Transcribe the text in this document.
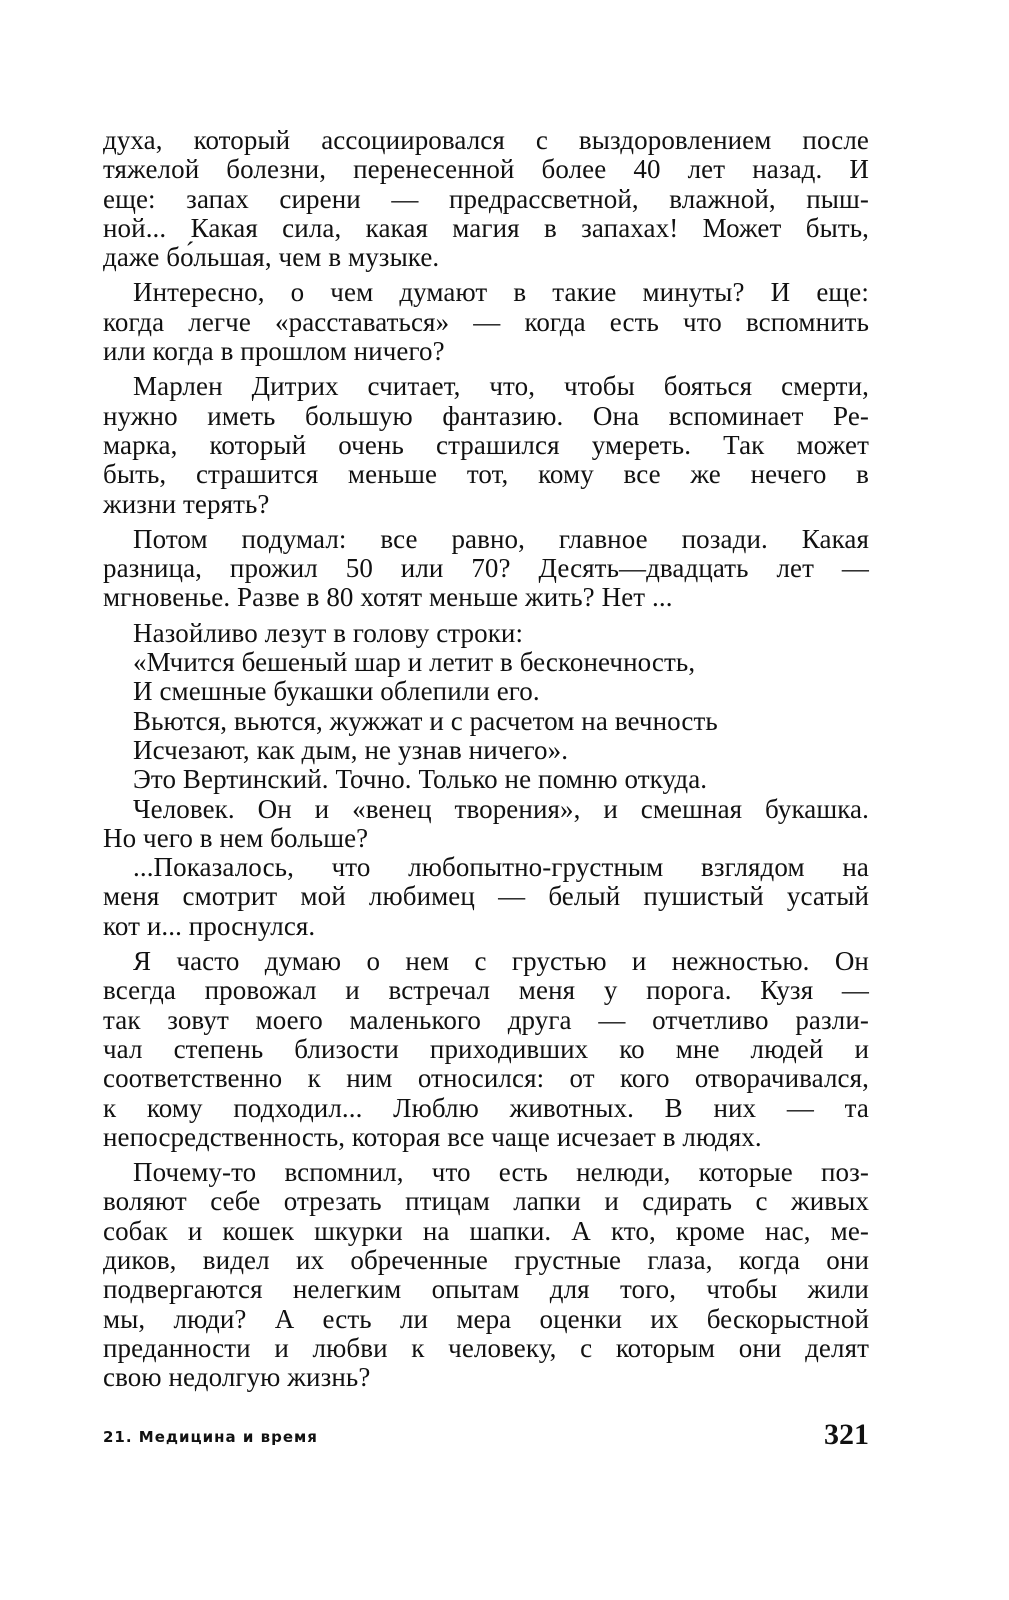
духа, который ассоциировался с выздоровлением после
тяжелой болезни, перенесенной более 40 лет назад. И
еще: запах сирени — предрассветной, влажной, пыш-
ной... Какая сила, какая магия в запахах! Может быть,
даже бо́льшая, чем в музыке.
Интересно, о чем думают в такие минуты? И еще:
когда легче «расставаться» — когда есть что вспомнить
или когда в прошлом ничего?
Марлен Дитрих считает, что, чтобы бояться смерти,
нужно иметь большую фантазию. Она вспоминает Ре-
марка, который очень страшился умереть. Так может
быть, страшится меньше тот, кому все же нечего в
жизни терять?
Потом подумал: все равно, главное позади. Какая
разница, прожил 50 или 70? Десять—двадцать лет —
мгновенье. Разве в 80 хотят меньше жить? Нет ...
Назойливо лезут в голову строки:
«Мчится бешеный шар и летит в бесконечность,
И смешные букашки облепили его.
Вьются, вьются, жужжат и с расчетом на вечность
Исчезают, как дым, не узнав ничего».
Это Вертинский. Точно. Только не помню откуда.
Человек. Он и «венец творения», и смешная букашка.
Но чего в нем больше?
...Показалось, что любопытно-грустным взглядом на
меня смотрит мой любимец — белый пушистый усатый
кот и... проснулся.
Я часто думаю о нем с грустью и нежностью. Он
всегда провожал и встречал меня у порога. Кузя —
так зовут моего маленького друга — отчетливо разли-
чал степень близости приходивших ко мне людей и
соответственно к ним относился: от кого отворачивался,
к кому подходил... Люблю животных. В них — та
непосредственность, которая все чаще исчезает в людях.
Почему-то вспомнил, что есть нелюди, которые поз-
воляют себе отрезать птицам лапки и сдирать с живых
собак и кошек шкурки на шапки. А кто, кроме нас, ме-
диков, видел их обреченные грустные глаза, когда они
подвергаются нелегким опытам для того, чтобы жили
мы, люди? А есть ли мера оценки их бескорыстной
преданности и любви к человеку, с которым они делят
свою недолгую жизнь?
21. Медицина и время	321
